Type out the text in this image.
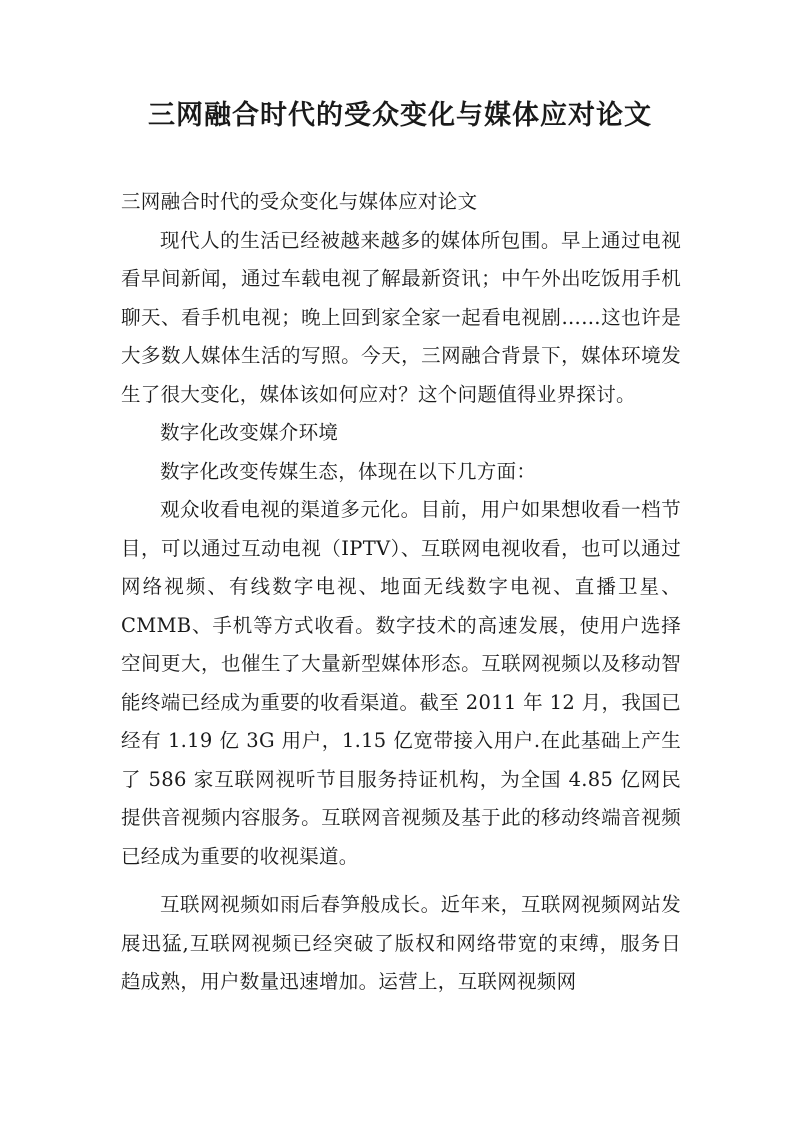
三网融合时代的受众变化与媒体应对论文

三网融合时代的受众变化与媒体应对论文

现代人的生活已经被越来越多的媒体所包围。早上通过电视看早间新闻，通过车载电视了解最新资讯；中午外出吃饭用手机聊天、看手机电视；晚上回到家全家一起看电视剧……这也许是大多数人媒体生活的写照。今天，三网融合背景下，媒体环境发生了很大变化，媒体该如何应对？这个问题值得业界探讨。

数字化改变媒介环境

数字化改变传媒生态，体现在以下几方面：

观众收看电视的渠道多元化。目前，用户如果想收看一档节目，可以通过互动电视（IPTV）、互联网电视收看，也可以通过网络视频、有线数字电视、地面无线数字电视、直播卫星、CMMB、手机等方式收看。数字技术的高速发展，使用户选择空间更大，也催生了大量新型媒体形态。互联网视频以及移动智能终端已经成为重要的收看渠道。截至 2011 年 12 月，我国已经有 1.19 亿 3G 用户，1.15 亿宽带接入用户.在此基础上产生了 586 家互联网视听节目服务持证机构，为全国 4.85 亿网民提供音视频内容服务。互联网音视频及基于此的移动终端音视频已经成为重要的收视渠道。

互联网视频如雨后春笋般成长。近年来，互联网视频网站发展迅猛,互联网视频已经突破了版权和网络带宽的束缚，服务日趋成熟，用户数量迅速增加。运营上，互联网视频网
